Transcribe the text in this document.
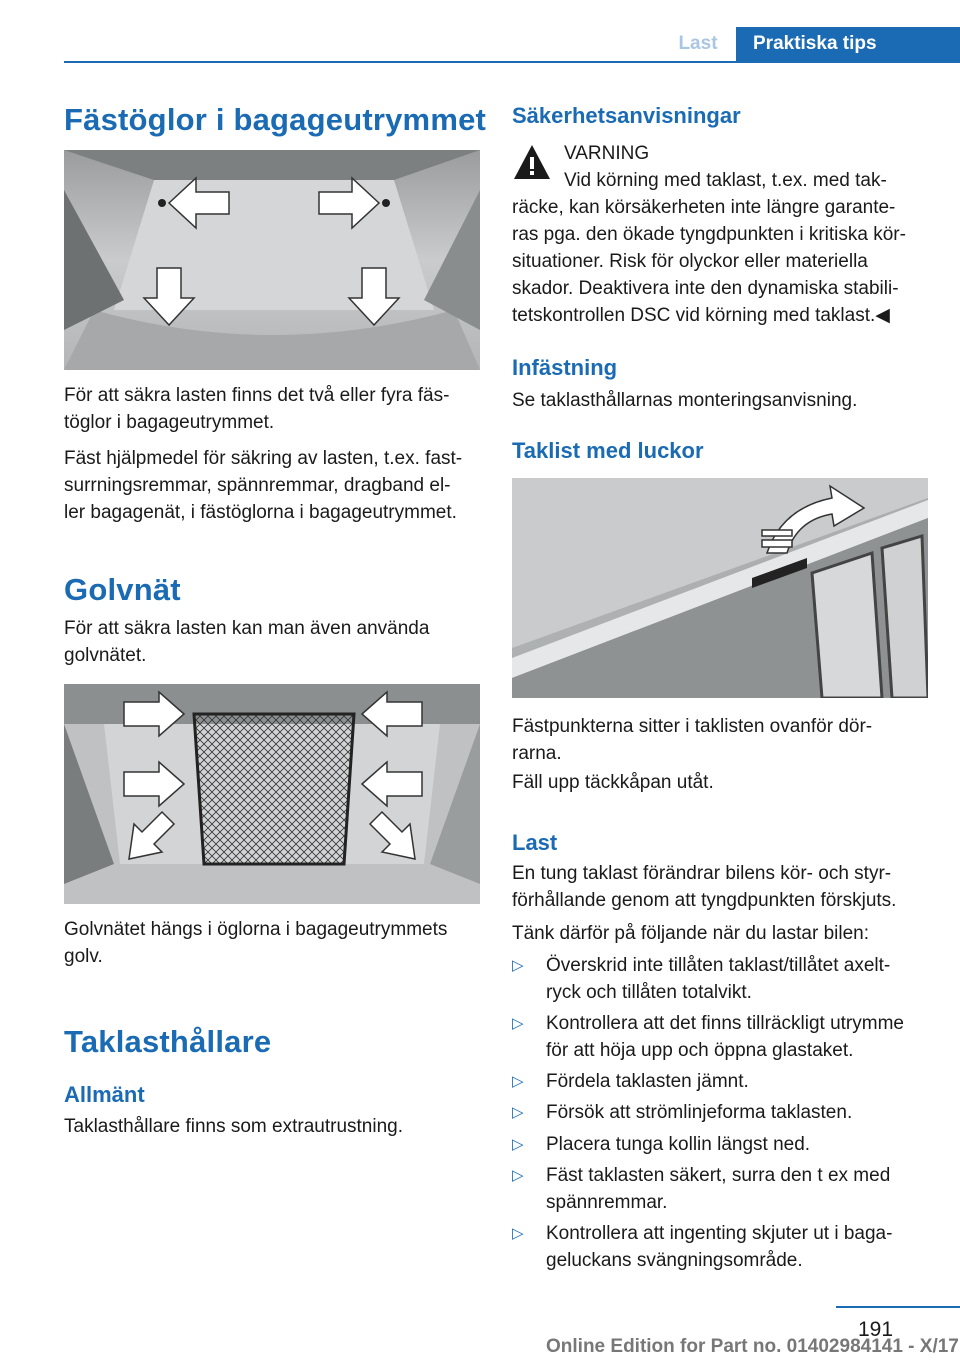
Last	Praktiska tips
Fästöglor i bagageutrymmet

För att säkra lasten finns det två eller fyra fäs‐
töglor i bagageutrymmet.

Fäst hjälpmedel för säkring av lasten, t.ex. fast‐
surrningsremmar, spännremmar, dragband el‐
ler bagagenät, i fästöglorna i bagageutrymmet.

Golvnät

För att säkra lasten kan man även använda
golvnätet.

Golvnätet hängs i öglorna i bagageutrymmets
golv.

Taklasthållare
Allmänt

Taklasthållare finns som extrautrustning.

Säkerhetsanvisningar

VARNING

Vid körning med taklast, t.ex. med tak‐
räcke, kan körsäkerheten inte längre garante‐
ras pga. den ökade tyngdpunkten i kritiska kör‐
situationer. Risk för olyckor eller materiella
skador. Deaktivera inte den dynamiska stabili‐
tetskontrollen DSC vid körning med taklast.◀

Infästning

Se taklasthållarnas monteringsanvisning.

Taklist med luckor

Fästpunkterna sitter i taklisten ovanför dör‐
rarna.

Fäll upp täckkåpan utåt.

Last

En tung taklast förändrar bilens kör- och styr‐
förhållande genom att tyngdpunkten förskjuts.

Tänk därför på följande när du lastar bilen:

▷ Överskrid inte tillåten taklast/tillåtet axelt‐
ryck och tillåten totalvikt.
▷ Kontrollera att det finns tillräckligt utrymme
för att höja upp och öppna glastaket.
▷ Fördela taklasten jämnt.
▷ Försök att strömlinjeforma taklasten.
▷ Placera tunga kollin längst ned.
▷ Fäst taklasten säkert, surra den t ex med
spännremmar.
▷ Kontrollera att ingenting skjuter ut i baga‐
geluckans svängningsområde.
191
Online Edition for Part no. 01402984141 - X/17
